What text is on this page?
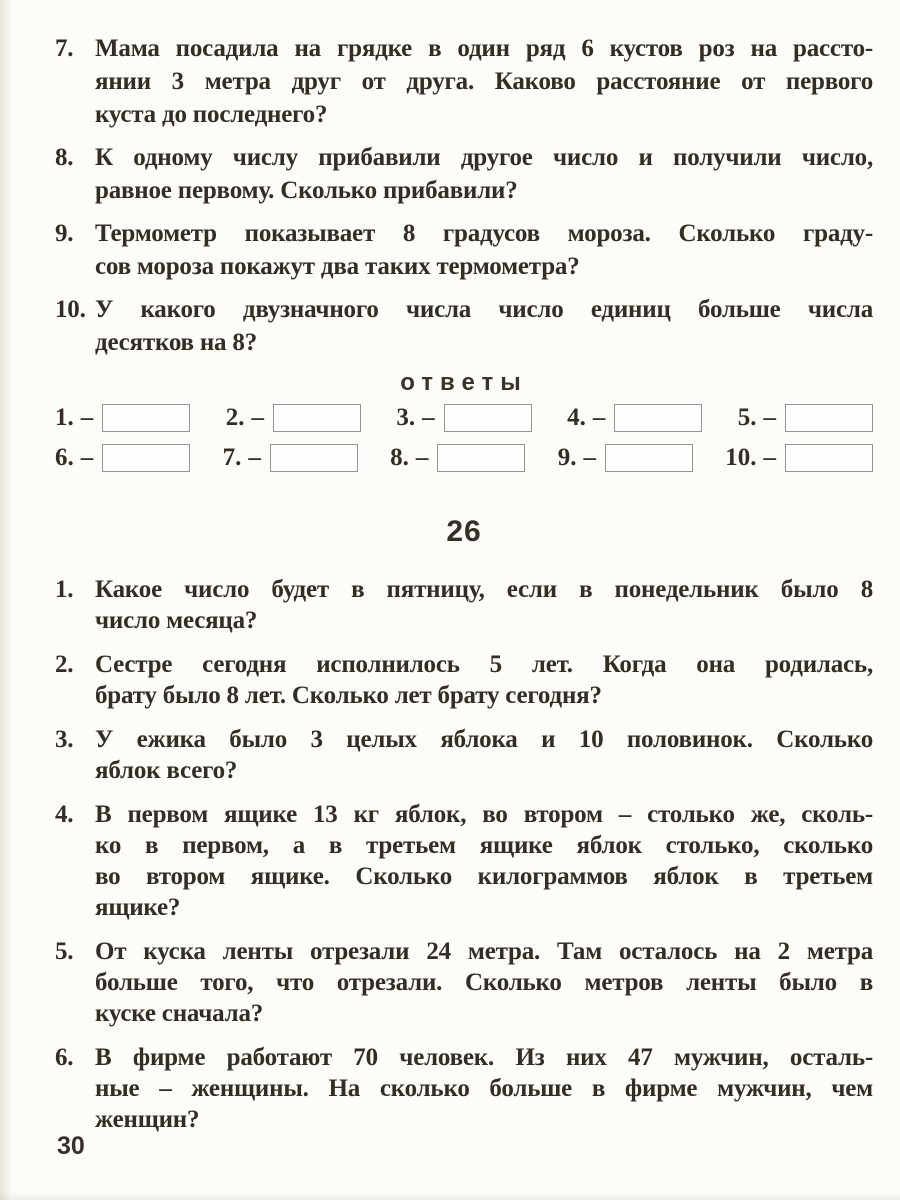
7. Мама посадила на грядке в один ряд 6 кустов роз на рассто-
янии 3 метра друг от друга. Каково расстояние от первого
куста до последнего?
8. К одному числу прибавили другое число и получили число,
равное первому. Сколько прибавили?
9. Термометр показывает 8 градусов мороза. Сколько граду-
сов мороза покажут два таких термометра?
10. У какого двузначного числа число единиц больше числа
десятков на 8?
ответы
1. –	2. –	3. –	4. –	5. –
6. –	7. –	8. –	9. –	10. –
26
1. Какое число будет в пятницу, если в понедельник было 8
число месяца?
2. Сестре сегодня исполнилось 5 лет. Когда она родилась,
брату было 8 лет. Сколько лет брату сегодня?
3. У ежика было 3 целых яблока и 10 половинок. Сколько
яблок всего?
4. В первом ящике 13 кг яблок, во втором – столько же, сколь-
ко в первом, а в третьем ящике яблок столько, сколько
во втором ящике. Сколько килограммов яблок в третьем
ящике?
5. От куска ленты отрезали 24 метра. Там осталось на 2 метра
больше того, что отрезали. Сколько метров ленты было в
куске сначала?
6. В фирме работают 70 человек. Из них 47 мужчин, осталь-
ные – женщины. На сколько больше в фирме мужчин, чем
женщин?
30
